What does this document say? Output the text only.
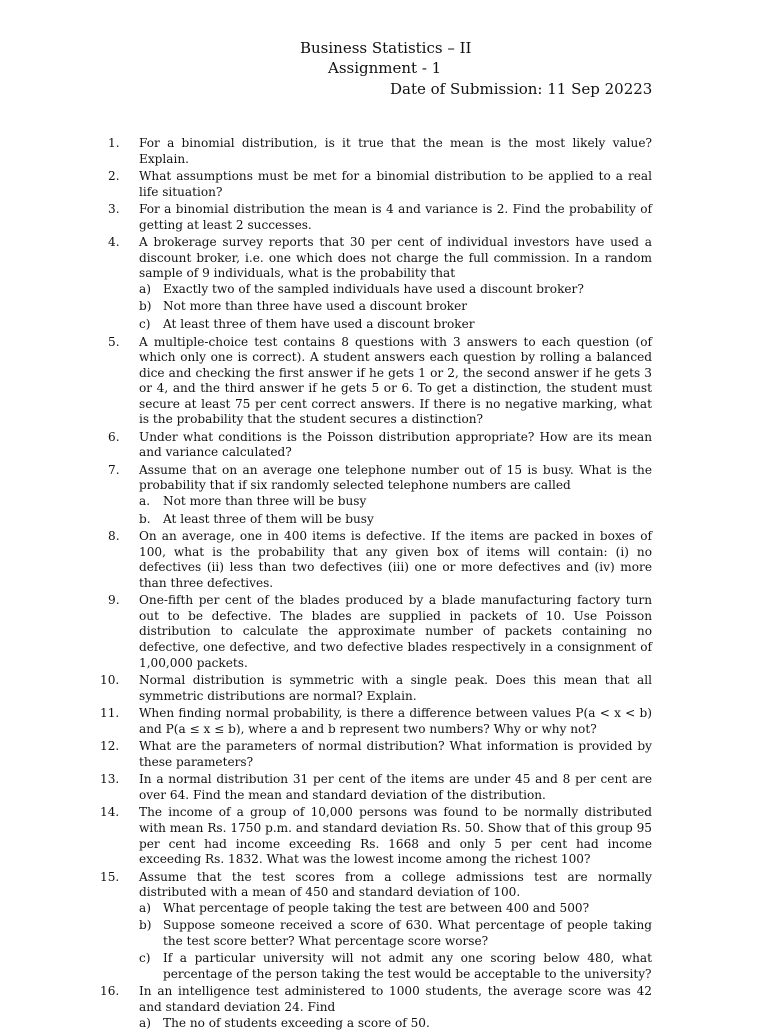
Business Statistics – II
Assignment - 1
Date of Submission: 11 Sep 20223
1.	For a binomial distribution, is it true that the mean is the most likely value? Explain.
2.	What assumptions must be met for a binomial distribution to be applied to a real life situation?
3.	For a binomial distribution the mean is 4 and variance is 2. Find the probability of getting at least 2 successes.
4.	A brokerage survey reports that 30 per cent of individual investors have used a discount broker, i.e. one which does not charge the full commission. In a random sample of 9 individuals, what is the probability that
a) Exactly two of the sampled individuals have used a discount broker?
b) Not more than three have used a discount broker
c) At least three of them have used a discount broker
5.	A multiple-choice test contains 8 questions with 3 answers to each question (of which only one is correct). A student answers each question by rolling a balanced dice and checking the first answer if he gets 1 or 2, the second answer if he gets 3 or 4, and the third answer if he gets 5 or 6. To get a distinction, the student must secure at least 75 per cent correct answers. If there is no negative marking, what is the probability that the student secures a distinction?
6.	Under what conditions is the Poisson distribution appropriate? How are its mean and variance calculated?
7.	Assume that on an average one telephone number out of 15 is busy. What is the probability that if six randomly selected telephone numbers are called
a. Not more than three will be busy
b. At least three of them will be busy
8.	On an average, one in 400 items is defective. If the items are packed in boxes of 100, what is the probability that any given box of items will contain: (i) no defectives (ii) less than two defectives (iii) one or more defectives and (iv) more than three defectives.
9.	One-fifth per cent of the blades produced by a blade manufacturing factory turn out to be defective. The blades are supplied in packets of 10. Use Poisson distribution to calculate the approximate number of packets containing no defective, one defective, and two defective blades respectively in a consignment of 1,00,000 packets.
10.	Normal distribution is symmetric with a single peak. Does this mean that all symmetric distributions are normal? Explain.
11.	When finding normal probability, is there a difference between values P(a < x < b) and P(a ≤ x ≤ b), where a and b represent two numbers? Why or why not?
12.	What are the parameters of normal distribution? What information is provided by these parameters?
13.	In a normal distribution 31 per cent of the items are under 45 and 8 per cent are over 64. Find the mean and standard deviation of the distribution.
14.	The income of a group of 10,000 persons was found to be normally distributed with mean Rs. 1750 p.m. and standard deviation Rs. 50. Show that of this group 95 per cent had income exceeding Rs. 1668 and only 5 per cent had income exceeding Rs. 1832. What was the lowest income among the richest 100?
15.	Assume that the test scores from a college admissions test are normally distributed with a mean of 450 and standard deviation of 100.
a) What percentage of people taking the test are between 400 and 500?
b) Suppose someone received a score of 630. What percentage of people taking the test score better? What percentage score worse?
c) If a particular university will not admit any one scoring below 480, what percentage of the person taking the test would be acceptable to the university?
16.	In an intelligence test administered to 1000 students, the average score was 42 and standard deviation 24. Find
a) The no of students exceeding a score of 50.
